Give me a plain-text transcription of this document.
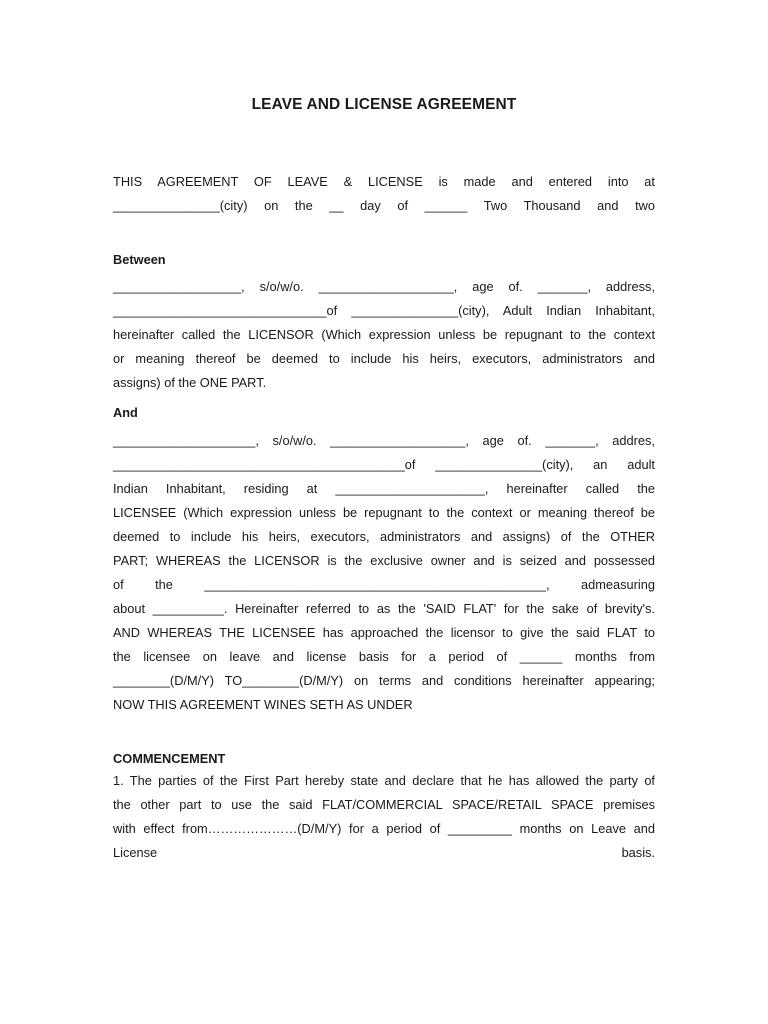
LEAVE AND LICENSE AGREEMENT

THIS AGREEMENT OF LEAVE & LICENSE is made and entered into at
_______________(city) on the __ day of ______ Two Thousand and two

Between

__________________, s/o/w/o. ___________________, age of. _______, address,
______________________________of _______________(city), Adult Indian Inhabitant,
hereinafter called the LICENSOR (Which expression unless be repugnant to the context
or meaning thereof be deemed to include his heirs, executors, administrators and
assigns) of the ONE PART.

And

____________________, s/o/w/o. ___________________, age of. _______, addres,
_________________________________________of _______________(city), an adult
Indian Inhabitant, residing at _____________________, hereinafter called the
LICENSEE (Which expression unless be repugnant to the context or meaning thereof be
deemed to include his heirs, executors, administrators and assigns) of the OTHER
PART; WHEREAS the LICENSOR is the exclusive owner and is seized and possessed
of the ________________________________________________, admeasuring
about __________. Hereinafter referred to as the 'SAID FLAT' for the sake of brevity's.
AND WHEREAS THE LICENSEE has approached the licensor to give the said FLAT to
the licensee on leave and license basis for a period of ______ months from
________(D/M/Y) TO________(D/M/Y) on terms and conditions hereinafter appearing;
NOW THIS AGREEMENT WINES SETH AS UNDER

COMMENCEMENT

1. The parties of the First Part hereby state and declare that he has allowed the party of
the other part to use the said FLAT/COMMERCIAL SPACE/RETAIL SPACE premises
with effect from…………………(D/M/Y) for a period of _________ months on Leave and
License basis.
